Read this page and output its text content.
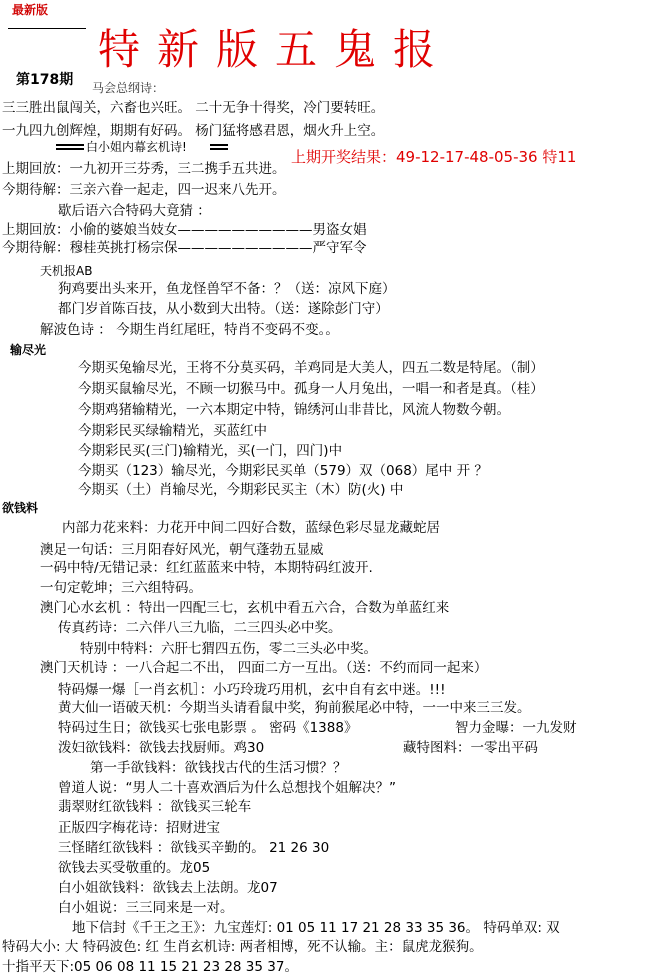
最新版
特新版五鬼报
第178期 马会总纲诗：
三三胜出鼠闯关，六畜也兴旺。 二十无争十得奖，冷门要转旺。
一九四九创辉煌，期期有好码。 杨门猛将感君恩，烟火升上空。
白小姐内幕玄机诗!
上期开奖结果：49-12-17-48-05-36 特11
上期回放：一九初开三芬秀，三二携手五共进。
今期待解：三亲六眷一起走，四一迟来八先开。
歇后语六合特码大竟猜 ：
上期回放：小偷的婆娘当妓女——————————男盗女娼
今期待解：穆桂英挑打杨宗保——————————严守军令
天机报AB
狗鸡要出头来开，鱼龙怪兽罕不备：？（送：凉风下庭）
都门岁首陈百技，从小数到大出特。（送：遂除彭门守）
解波色诗 ： 今期生肖红尾旺，特肖不变码不变。。
输尽光
今期买兔输尽光，王将不分莫买码，羊鸡同是大美人，四五二数是特尾。（制）
今期买鼠输尽光，不顾一切猴马中。孤身一人月兔出，一唱一和者是真。（桂）
今期鸡猪输精光，一六本期定中特，锦绣河山非昔比，风流人物数今朝。
今期彩民买绿输精光，买蓝红中
今期彩民买(三门)输精光，买(一门，四门)中
今期买（123）输尽光，今期彩民买单（579）双（068）尾中 开 ？
今期买（土）肖输尽光，今期彩民买主（木）防(火) 中
欲钱料
内部力花来料：力花开中间二四好合数，蓝绿色彩尽显龙藏蛇居
澳足一句话：三月阳春好风光，朝气蓬勃五显威
一码中特/无错记录：红红蓝蓝来中特，本期特码红波开.
一句定乾坤；三六组特码。
澳门心水玄机 ：特出一四配三七，玄机中看五六合，合数为单蓝红来
传真药诗：二六伴八三九临，二三四头必中奖。
特别中特料：六肝七猬四五伤，零二三头必中奖。
澳门天机诗 ：一八合起二不出， 四面二方一互出。（送：不约而同一起来）
特码爆一爆［一肖玄机］：小巧玲珑巧用机，玄中自有玄中迷。!!!
黄大仙一语破天机：今期当头请看鼠中奖，狗前猴尾必中特，一一中来三三发。
特码过生日；欲钱买七张电影票 。 密码《1388》	智力金曝：一九发财
泼妇欲钱料：欲钱去找厨师。鸡30	藏特图料：一零出平码
第一手欲钱料：欲钱找古代的生活习惯？？
曾道人说：“男人二十喜欢酒后为什么总想找个姐解决？”
翡翠财红欲钱料 ：欲钱买三轮车
正版四字梅花诗：招财进宝
三怪睹红欲钱料 ：欲钱买辛勤的。 21 26 30
欲钱去买受敬重的。龙05
白小姐欲钱料：欲钱去上法朗。龙07
白小姐说：三三同来是一对。
地下信封《千王之王》：九宝莲灯: 01 05 11 17 21 28 33 35 36。 特码单双: 双
特码大小: 大 特码波色: 红 生肖玄机诗: 两者相博，死不认输。主：鼠虎龙猴狗。
十指平天下:05 06 08 11 15 21 23 28 35 37。
